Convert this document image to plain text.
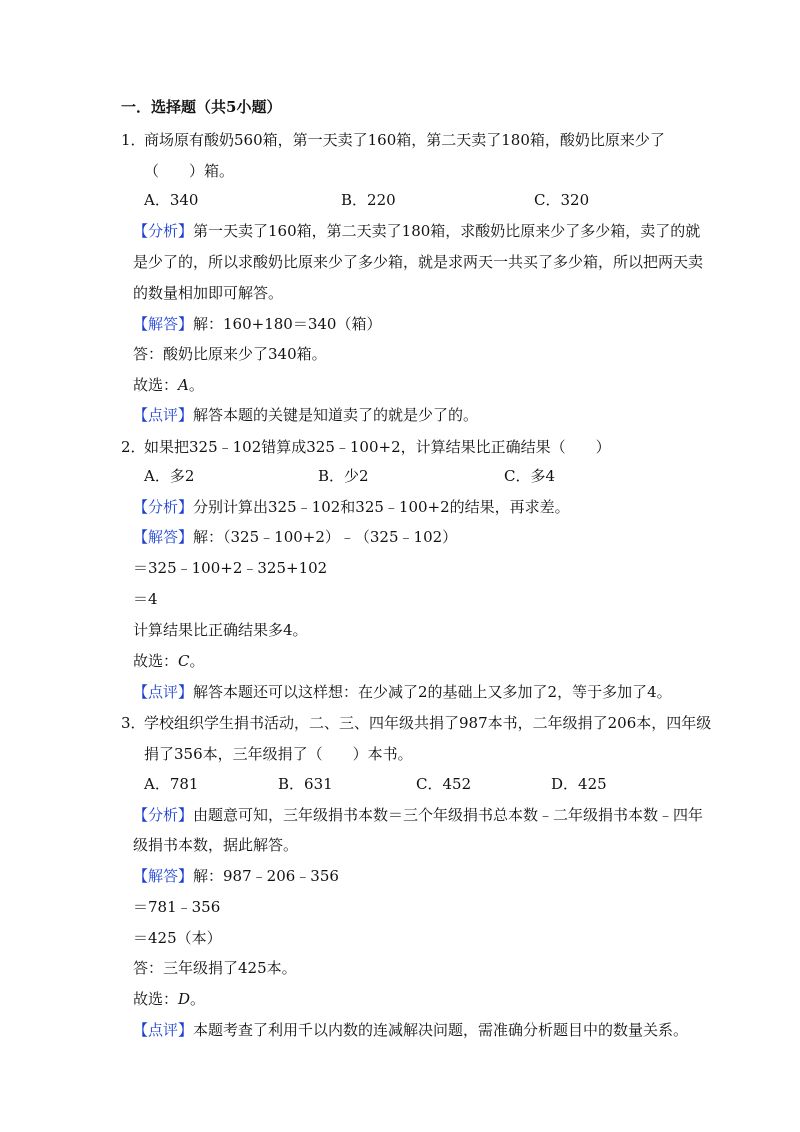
一．选择题（共5小题）
1．
商场原有酸奶560箱，第一天卖了160箱，第二天卖了180箱，酸奶比原来少了
（　　）箱。
A．340	B．220	C．320
【分析】第一天卖了160箱，第二天卖了180箱，求酸奶比原来少了多少箱，卖了的就
是少了的，所以求酸奶比原来少了多少箱，就是求两天一共买了多少箱，所以把两天卖
的数量相加即可解答。
【解答】解：160+180＝340（箱）
答：酸奶比原来少了340箱。
故选：A。
【点评】解答本题的关键是知道卖了的就是少了的。
2．
如果把325﹣102错算成325﹣100+2，计算结果比正确结果（　　）
A．多2	B．少2	C．多4
【分析】分别计算出325﹣102和325﹣100+2的结果，再求差。
【解答】解：（325﹣100+2）﹣（325﹣102）
＝325﹣100+2﹣325+102
＝4
计算结果比正确结果多4。
故选：C。
【点评】解答本题还可以这样想：在少减了2的基础上又多加了2，等于多加了4。
3．
学校组织学生捐书活动，二、三、四年级共捐了987本书，二年级捐了206本，四年级
捐了356本，三年级捐了（　　）本书。
A．781	B．631	C．452	D．425
【分析】由题意可知，三年级捐书本数＝三个年级捐书总本数﹣二年级捐书本数﹣四年
级捐书本数，据此解答。
【解答】解：987﹣206﹣356
＝781﹣356
＝425（本）
答：三年级捐了425本。
故选：D。
【点评】本题考查了利用千以内数的连减解决问题，需准确分析题目中的数量关系。
